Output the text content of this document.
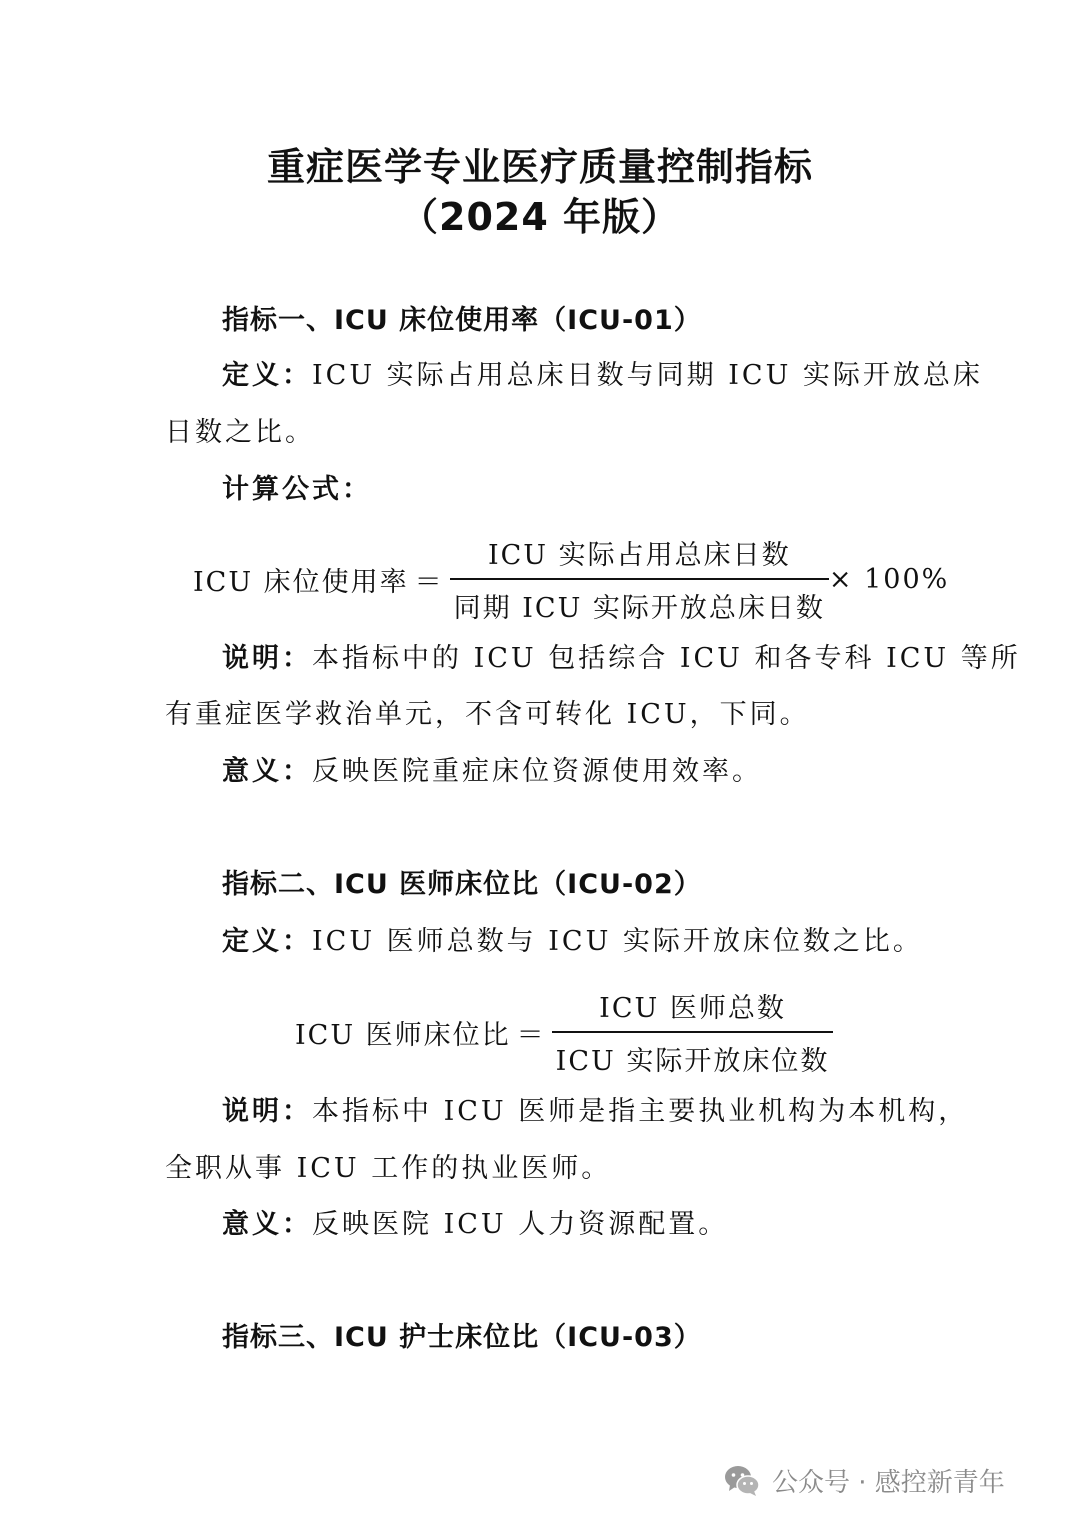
重症医学专业医疗质量控制指标
（2024 年版）

指标一、ICU 床位使用率（ICU-01）

定义：ICU 实际占用总床日数与同期 ICU 实际开放总床

日数之比。

计算公式：

ICU 床位使用率 ＝ $\frac{\text{ICU 实际占用总床日数}}{\text{同期 ICU 实际开放总床日数}} \times 100\%$

说明：本指标中的 ICU 包括综合 ICU 和各专科 ICU 等所

有重症医学救治单元，不含可转化 ICU，下同。

意义：反映医院重症床位资源使用效率。

指标二、ICU 医师床位比（ICU-02）

定义：ICU 医师总数与 ICU 实际开放床位数之比。

ICU 医师床位比 ＝ $\frac{\text{ICU 医师总数}}{\text{ICU 实际开放床位数}}$

说明：本指标中 ICU 医师是指主要执业机构为本机构，

全职从事 ICU 工作的执业医师。

意义：反映医院 ICU 人力资源配置。

指标三、ICU 护士床位比（ICU-03）

公众号 · 感控新青年
